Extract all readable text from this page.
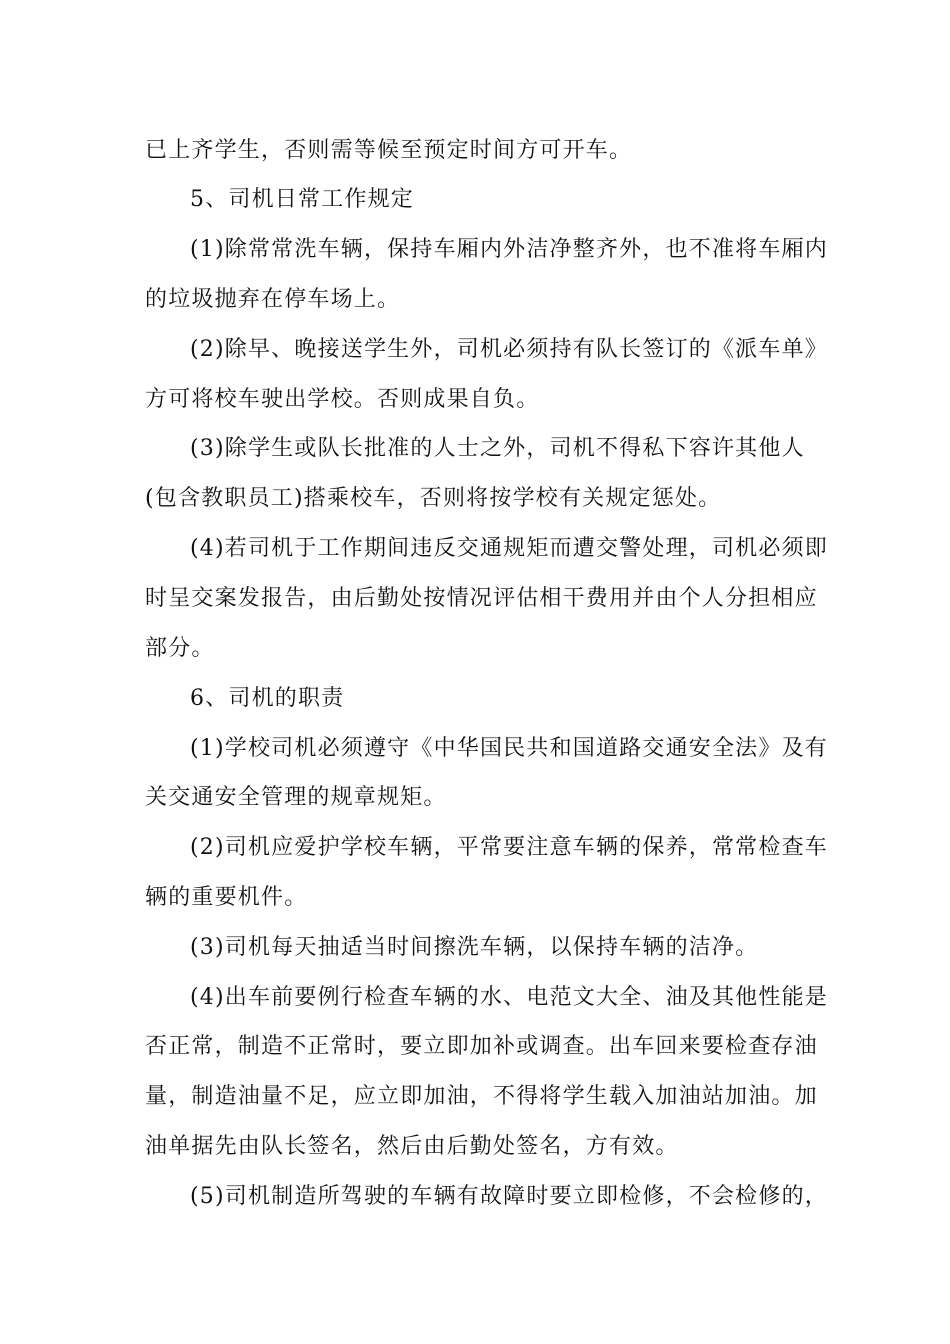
已上齐学生，否则需等候至预定时间方可开车。
5、司机日常工作规定
(1)除常常洗车辆，保持车厢内外洁净整齐外，也不准将车厢内
的垃圾抛弃在停车场上。
(2)除早、晚接送学生外，司机必须持有队长签订的《派车单》
方可将校车驶出学校。否则成果自负。
(3)除学生或队长批准的人士之外，司机不得私下容许其他人
(包含教职员工)搭乘校车，否则将按学校有关规定惩处。
(4)若司机于工作期间违反交通规矩而遭交警处理，司机必须即
时呈交案发报告，由后勤处按情况评估相干费用并由个人分担相应
部分。
6、司机的职责
(1)学校司机必须遵守《中华国民共和国道路交通安全法》及有
关交通安全管理的规章规矩。
(2)司机应爱护学校车辆，平常要注意车辆的保养，常常检查车
辆的重要机件。
(3)司机每天抽适当时间擦洗车辆，以保持车辆的洁净。
(4)出车前要例行检查车辆的水、电范文大全、油及其他性能是
否正常，制造不正常时，要立即加补或调查。出车回来要检查存油
量，制造油量不足，应立即加油，不得将学生载入加油站加油。加
油单据先由队长签名，然后由后勤处签名，方有效。
(5)司机制造所驾驶的车辆有故障时要立即检修，不会检修的，
